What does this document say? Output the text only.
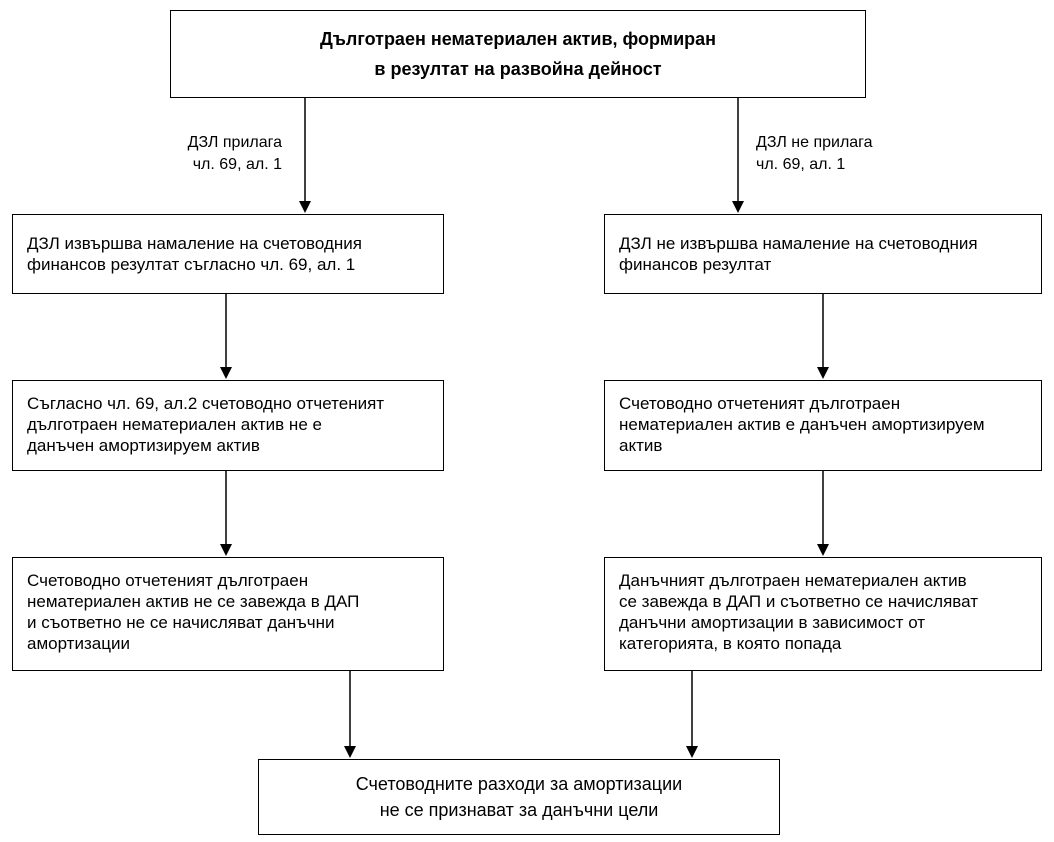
Дълготраен нематериален актив, формиран
в резултат на развойна дейност
ДЗЛ прилага
чл. 69, ал. 1
ДЗЛ не прилага
чл. 69, ал. 1
ДЗЛ извършва намаление на счетоводния
финансов резултат съгласно чл. 69, ал. 1
ДЗЛ не извършва намаление на счетоводния
финансов резултат
Съгласно чл. 69, ал.2 счетоводно отчетеният
дълготраен нематериален актив не е
данъчен амортизируем актив
Счетоводно отчетеният дълготраен
нематериален актив е данъчен амортизируем
актив
Счетоводно отчетеният дълготраен
нематериален актив не се завежда в ДАП
и съответно не се начисляват данъчни
амортизации
Данъчният дълготраен нематериален актив
се завежда в ДАП и съответно се начисляват
данъчни амортизации в зависимост от
категорията, в която попада
Счетоводните разходи за амортизации
не се признават за данъчни цели
